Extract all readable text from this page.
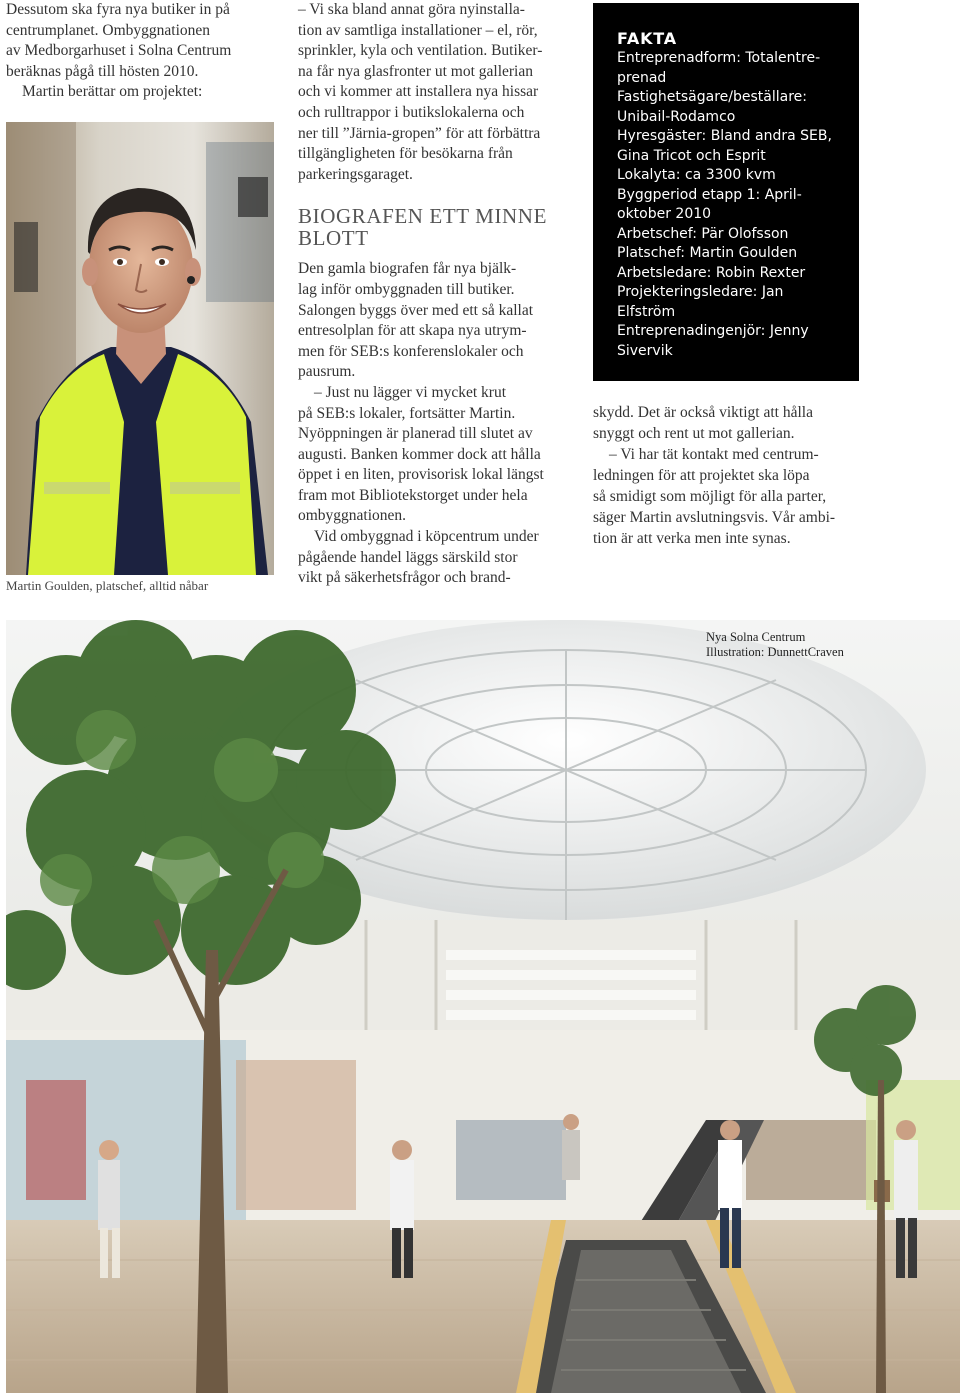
Dessutom ska fyra nya butiker in på
centrumplanet. Ombyggnationen
av Medborgarhuset i Solna Centrum
beräknas pågå till hösten 2010.

Martin berättar om projektet:

Martin Goulden, platschef, alltid nåbar

– Vi ska bland annat göra nyinstalla-
tion av samtliga installationer – el, rör,
sprinkler, kyla och ventilation. Butiker-
na får nya glasfronter ut mot gallerian
och vi kommer att installera nya hissar
och rulltrappor i butikslokalerna och
ner till ”Järnia-gropen” för att förbättra
tillgängligheten för besökarna från
parkeringsgaraget.

BIOGRAFEN ETT MINNE
BLOTT

Den gamla biografen får nya bjälk-
lag inför ombyggnaden till butiker.
Salongen byggs över med ett så kallat
entresolplan för att skapa nya utrym-
men för SEB:s konferenslokaler och
pausrum.

– Just nu lägger vi mycket krut
på SEB:s lokaler, fortsätter Martin.
Nyöppningen är planerad till slutet av
augusti. Banken kommer dock att hålla
öppet i en liten, provisorisk lokal längst
fram mot Bibliotekstorget under hela
ombyggnationen.

Vid ombyggnad i köpcentrum under
pågående handel läggs särskild stor
vikt på säkerhetsfrågor och brand-

FAKTA
Entreprenadform: Totalentre-
prenad
Fastighetsägare/beställare:
Unibail-Rodamco
Hyresgäster: Bland andra SEB,
Gina Tricot och Esprit
Lokalyta: ca 3300 kvm
Byggperiod etapp 1: April-
oktober 2010
Arbetschef: Pär Olofsson
Platschef: Martin Goulden
Arbetsledare: Robin Rexter
Projekteringsledare: Jan
Elfström
Entreprenadingenjör: Jenny
Sivervik

skydd. Det är också viktigt att hålla
snyggt och rent ut mot gallerian.

– Vi har tät kontakt med centrum-
ledningen för att projektet ska löpa
så smidigt som möjligt för alla parter,
säger Martin avslutningsvis. Vår ambi-
tion är att verka men inte synas.

Nya Solna Centrum
Illustration: DunnettCraven
